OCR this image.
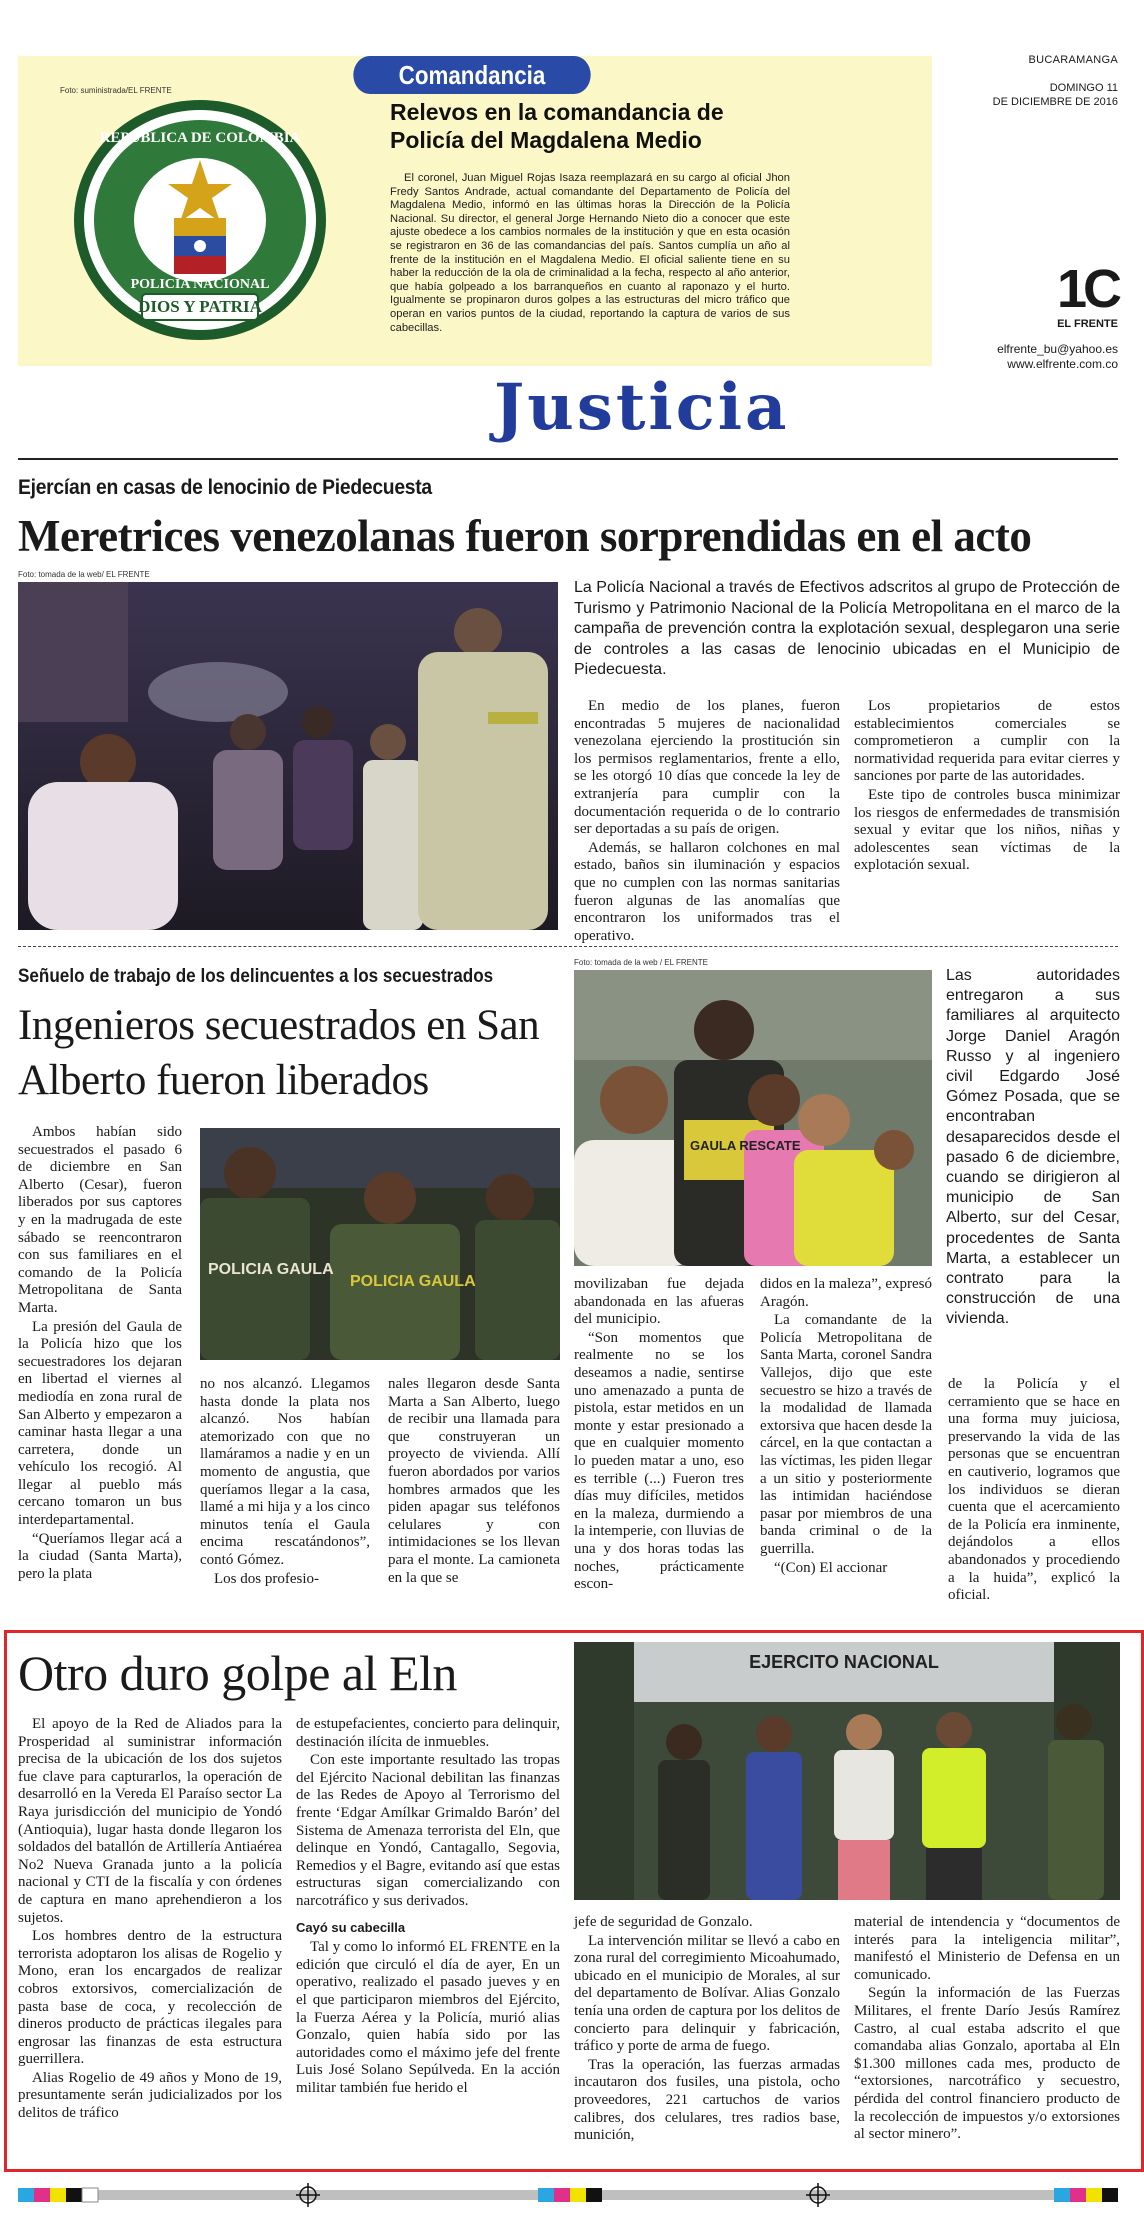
Foto: suministrada/EL FRENTE
DIOS Y PATRIA
REPÚBLICA DE COLOMBIA
POLICÍA NACIONAL
Comandancia
Relevos en la comandancia de Policía del Magdalena Medio
El coronel, Juan Miguel Rojas Isaza reemplazará en su cargo al oficial Jhon Fredy Santos Andrade, actual comandante del Departamento de Policía del Magdalena Medio, informó en las últimas horas la Dirección de la Policía Nacional. Su director, el general Jorge Hernando Nieto dio a conocer que este ajuste obedece a los cambios normales de la institución y que en esta ocasión se registraron en 36 de las comandancias del país. Santos cumplía un año al frente de la institución en el Magdalena Medio. El oficial saliente tiene en su haber la reducción de la ola de criminalidad a la fecha, respecto al año anterior, que había golpeado a los barranqueños en cuanto al raponazo y el hurto. Igualmente se propinaron duros golpes a las estructuras del micro tráfico que operan en varios puntos de la ciudad, reportando la captura de varios de sus cabecillas.
BUCARAMANGA
DOMINGO 11
DE DICIEMBRE DE 2016
1C
EL FRENTE
elfrente_bu@yahoo.es
www.elfrente.com.co
Justicia
Ejercían en casas de lenocinio de Piedecuesta
Meretrices venezolanas fueron sorprendidas en el acto
Foto: tomada de la web/ EL FRENTE
La Policía Nacional a través de Efectivos adscritos al grupo de Protección de Turismo y Patrimonio Nacional de la Policía Metropolitana en el marco de la campaña de prevención contra la explotación sexual, desplegaron una serie de controles a las casas de lenocinio ubicadas en el Municipio de Piedecuesta.

En medio de los planes, fueron encontradas 5 mujeres de nacionalidad venezolana ejerciendo la prostitución sin los permisos reglamentarios, frente a ello, se les otorgó 10 días que concede la ley de extranjería para cumplir con la documentación requerida o de lo contrario ser deportadas a su país de origen.

Además, se hallaron colchones en mal estado, baños sin iluminación y espacios que no cumplen con las normas sanitarias fueron algunas de las anomalías que encontraron los uniformados tras el operativo.

Los propietarios de estos establecimientos comerciales se comprometieron a cumplir con la normatividad requerida para evitar cierres y sanciones por parte de las autoridades.

Este tipo de controles busca minimizar los riesgos de enfermedades de transmisión sexual y evitar que los niños, niñas y adolescentes sean víctimas de la explotación sexual.

Señuelo de trabajo de los delincuentes a los secuestrados
Ingenieros secuestrados en San Alberto fueron liberados

Ambos habían sido secuestrados el pasado 6 de diciembre en San Alberto (Cesar), fueron liberados por sus captores y en la madrugada de este sábado se reencontraron con sus familiares en el comando de la Policía Metropolitana de Santa Marta.

La presión del Gaula de la Policía hizo que los secuestradores los dejaran en libertad el viernes al mediodía en zona rural de San Alberto y empezaron a caminar hasta llegar a una carretera, donde un vehículo los recogió. Al llegar al pueblo más cercano tomaron un bus interdepartamental.

“Queríamos llegar acá a la ciudad (Santa Marta), pero la plata

POLICIA GAULA
POLICIA GAULA

no nos alcanzó. Llegamos hasta donde la plata nos alcanzó. Nos habían atemorizado con que no llamáramos a nadie y en un momento de angustia, que queríamos llegar a la casa, llamé a mi hija y a los cinco minutos tenía el Gaula encima rescatándonos”, contó Gómez.

Los dos profesio-

nales llegaron desde Santa Marta a San Alberto, luego de recibir una llamada para que construyeran un proyecto de vivienda. Allí fueron abordados por varios hombres armados que les piden apagar sus teléfonos celulares y con intimidaciones se los llevan para el monte. La camioneta en la que se

Foto: tomada de la web / EL FRENTE
GAULA RESCATE
Las autoridades entregaron a sus familiares al arquitecto Jorge Daniel Aragón Russo y al ingeniero civil Edgardo José Gómez Posada, que se encontraban desaparecidos desde el pasado 6 de diciembre, cuando se dirigieron al municipio de San Alberto, sur del Cesar, procedentes de Santa Marta, a establecer un contrato para la construcción de una vivienda.

movilizaban fue dejada abandonada en las afueras del municipio.

“Son momentos que realmente no se los deseamos a nadie, sentirse uno amenazado a punta de pistola, estar metidos en un monte y estar presionado a que en cualquier momento lo pueden matar a uno, eso es terrible (...) Fueron tres días muy difíciles, metidos en la maleza, durmiendo a la intemperie, con lluvias de una y dos horas todas las noches, prácticamente escon-

didos en la maleza”, expresó Aragón.

La comandante de la Policía Metropolitana de Santa Marta, coronel Sandra Vallejos, dijo que este secuestro se hizo a través de la modalidad de llamada extorsiva que hacen desde la cárcel, en la que contactan a las víctimas, les piden llegar a un sitio y posteriormente las intimidan haciéndose pasar por miembros de una banda criminal o de la guerrilla.

“(Con) El accionar

de la Policía y el cerramiento que se hace en una forma muy juiciosa, preservando la vida de las personas que se encuentran en cautiverio, logramos que los individuos se dieran cuenta que el acercamiento de la Policía era inminente, dejándolos a ellos abandonados y procediendo a la huida”, explicó la oficial.

Otro duro golpe al Eln	EJERCITO NACIONAL

El apoyo de la Red de Aliados para la Prosperidad al suministrar información precisa de la ubicación de los dos sujetos fue clave para capturarlos, la operación de desarrolló en la Vereda El Paraíso sector La Raya jurisdicción del municipio de Yondó (Antioquia), lugar hasta donde llegaron los soldados del batallón de Artillería Antiaérea No2 Nueva Granada junto a la policía nacional y CTI de la fiscalía y con órdenes de captura en mano aprehendieron a los sujetos.

Los hombres dentro de la estructura terrorista adoptaron los alisas de Rogelio y Mono, eran los encargados de realizar cobros extorsivos, comercialización de pasta base de coca, y recolección de dineros producto de prácticas ilegales para engrosar las finanzas de esta estructura guerrillera.

Alias Rogelio de 49 años y Mono de 19, presuntamente serán judicializados por los delitos de tráfico

de estupefacientes, concierto para delinquir, destinación ilícita de inmuebles.

Con este importante resultado las tropas del Ejército Nacional debilitan las finanzas de las Redes de Apoyo al Terrorismo del frente ‘Edgar Amílkar Grimaldo Barón’ del Sistema de Amenaza terrorista del Eln, que delinque en Yondó, Cantagallo, Segovia, Remedios y el Bagre, evitando así que estas estructuras sigan comercializando con narcotráfico y sus derivados.

Cayó su cabecilla

Tal y como lo informó EL FRENTE en la edición que circuló el día de ayer, En un operativo, realizado el pasado jueves y en el que participaron miembros del Ejército, la Fuerza Aérea y la Policía, murió alias Gonzalo, quien había sido por las autoridades como el máximo jefe del frente Luis José Solano Sepúlveda. En la acción militar también fue herido el

jefe de seguridad de Gonzalo.

La intervención militar se llevó a cabo en zona rural del corregimiento Micoahumado, ubicado en el municipio de Morales, al sur del departamento de Bolívar. Alias Gonzalo tenía una orden de captura por los delitos de concierto para delinquir y fabricación, tráfico y porte de arma de fuego.

Tras la operación, las fuerzas armadas incautaron dos fusiles, una pistola, ocho proveedores, 221 cartuchos de varios calibres, dos celulares, tres radios base, munición,

material de intendencia y “documentos de interés para la inteligencia militar”, manifestó el Ministerio de Defensa en un comunicado.

Según la información de las Fuerzas Militares, el frente Darío Jesús Ramírez Castro, al cual estaba adscrito el que comandaba alias Gonzalo, aportaba al Eln $1.300 millones cada mes, producto de “extorsiones, narcotráfico y secuestro, pérdida del control financiero producto de la recolección de impuestos y/o extorsiones al sector minero”.
